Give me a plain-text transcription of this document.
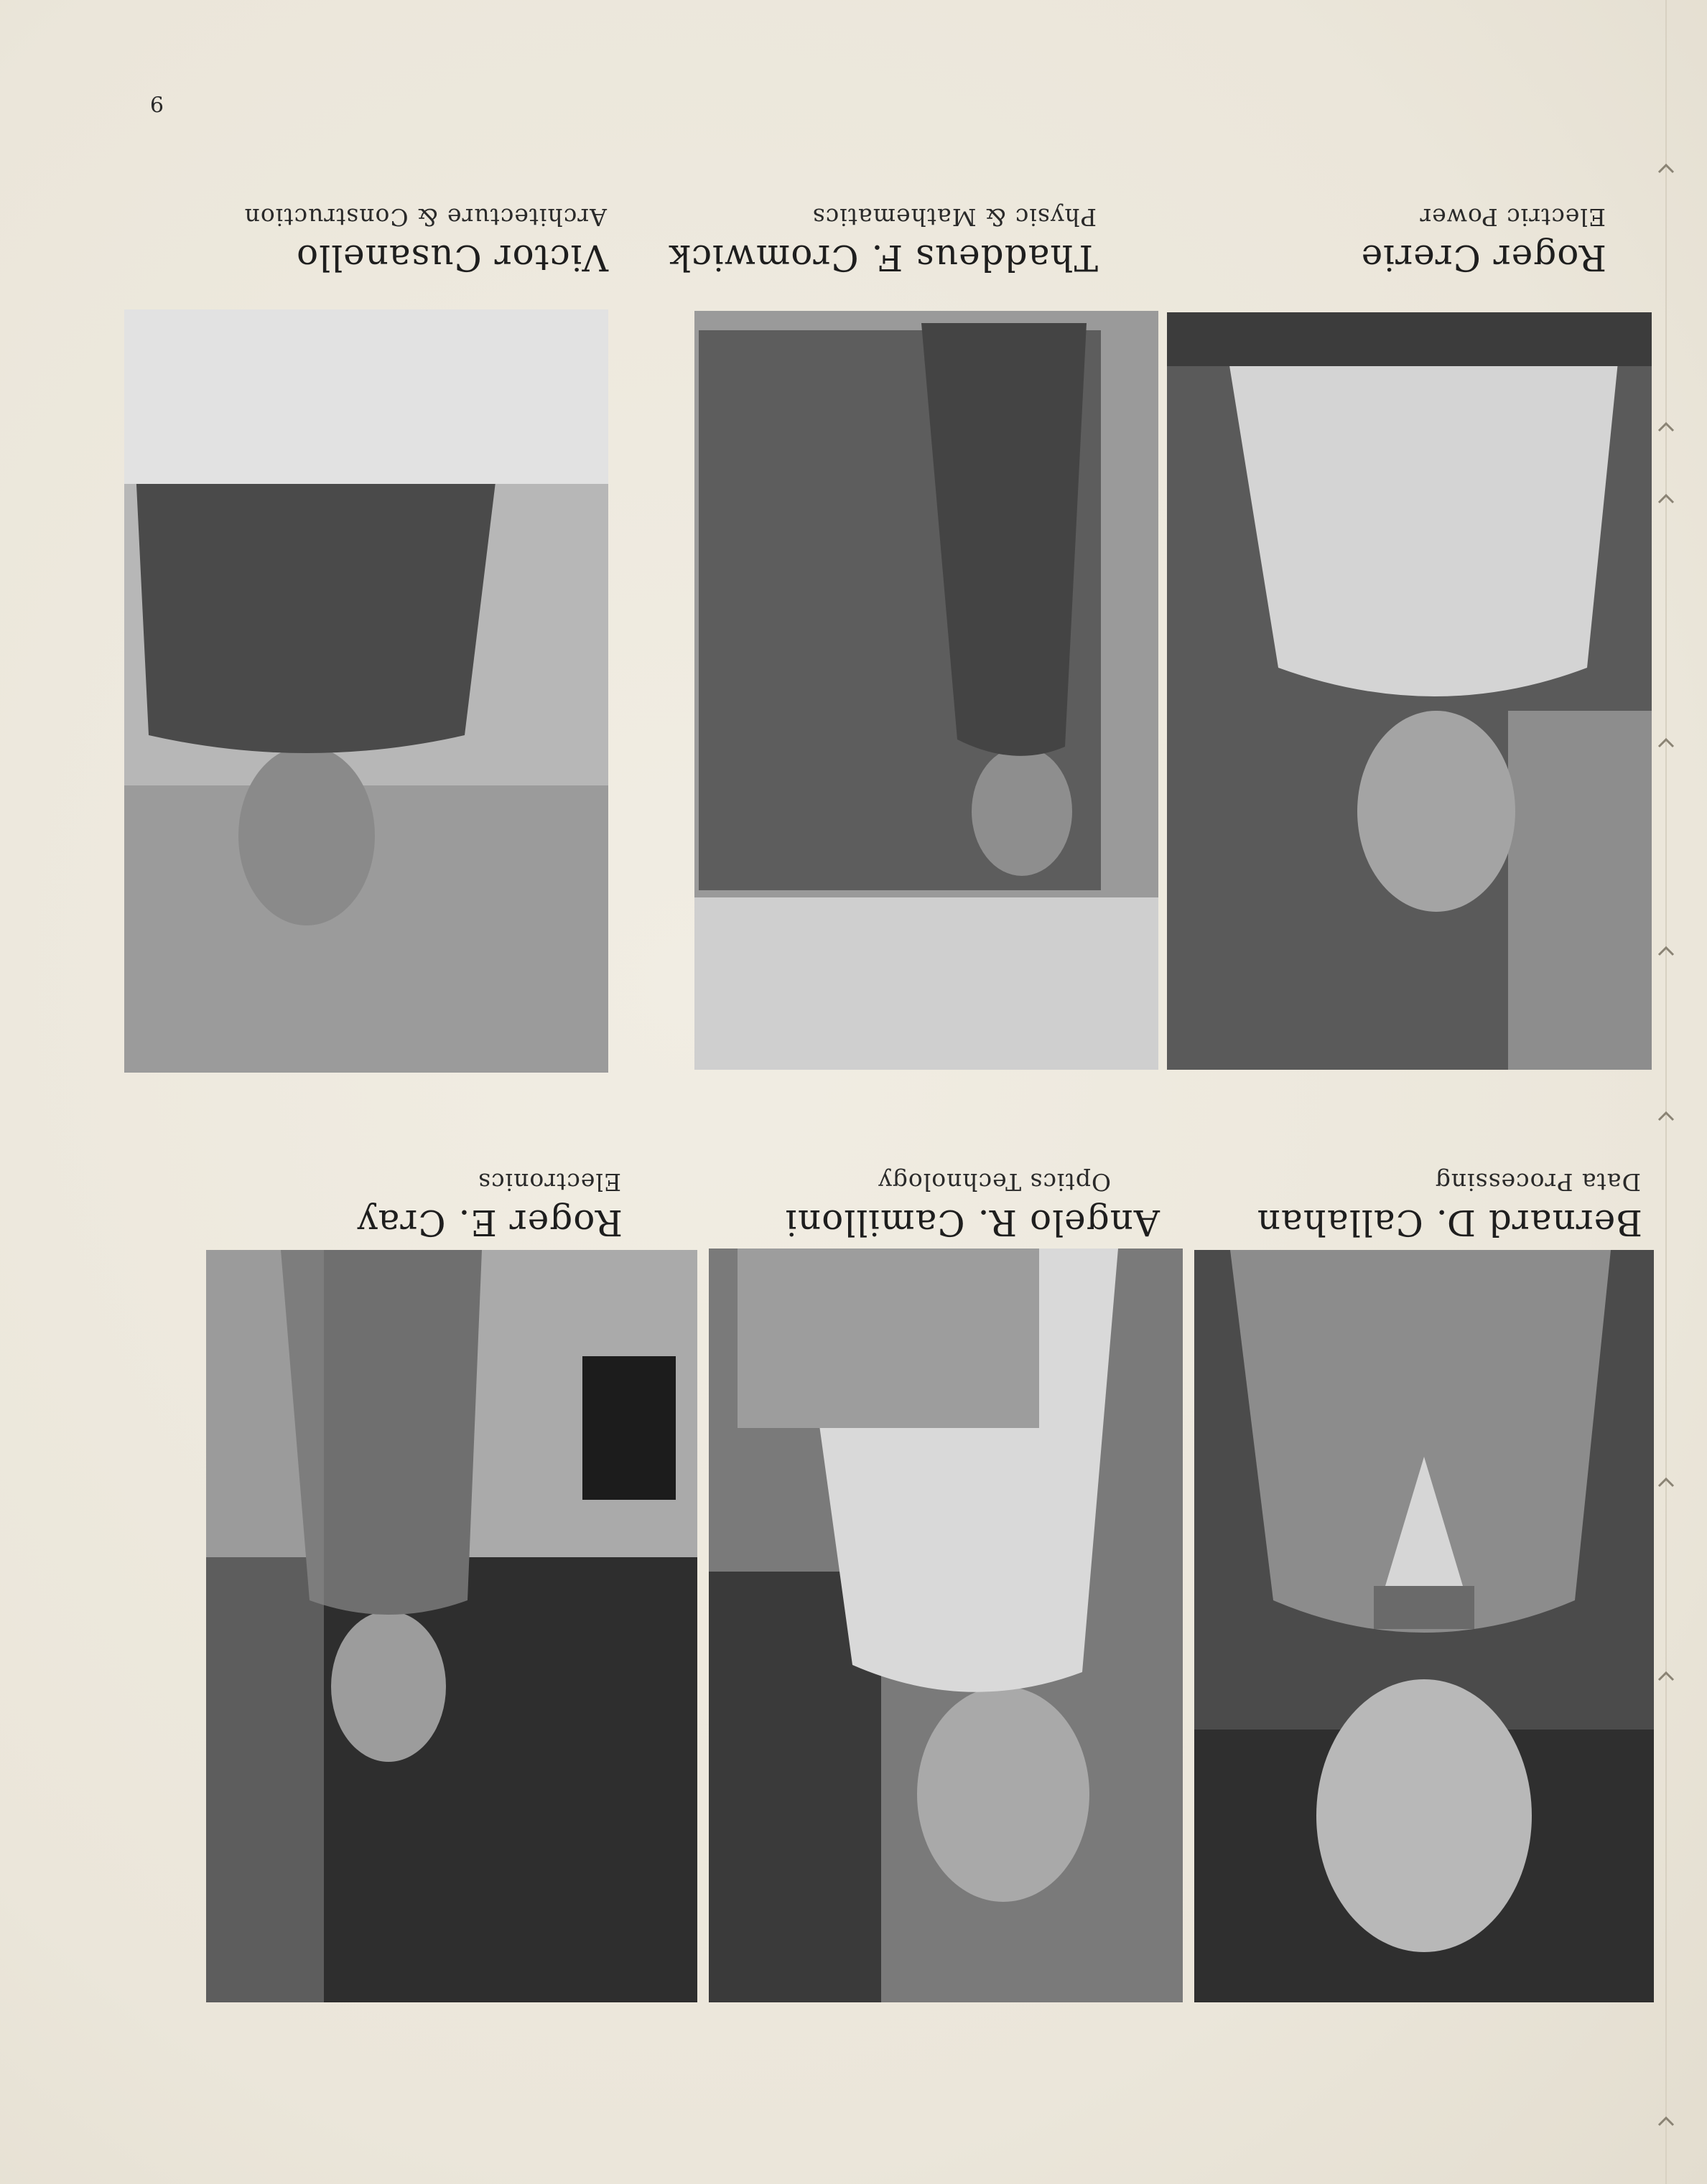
9
Bernard D. Callahan
Data Processing
Angelo R. Camilloni
Optics Technology
Roger E. Cray
Electronics
Roger Crerie
Electric Power
Thaddeus F. Cromwick
Physic & Mathematics
Victor Cusanello
Architecture & Construction
